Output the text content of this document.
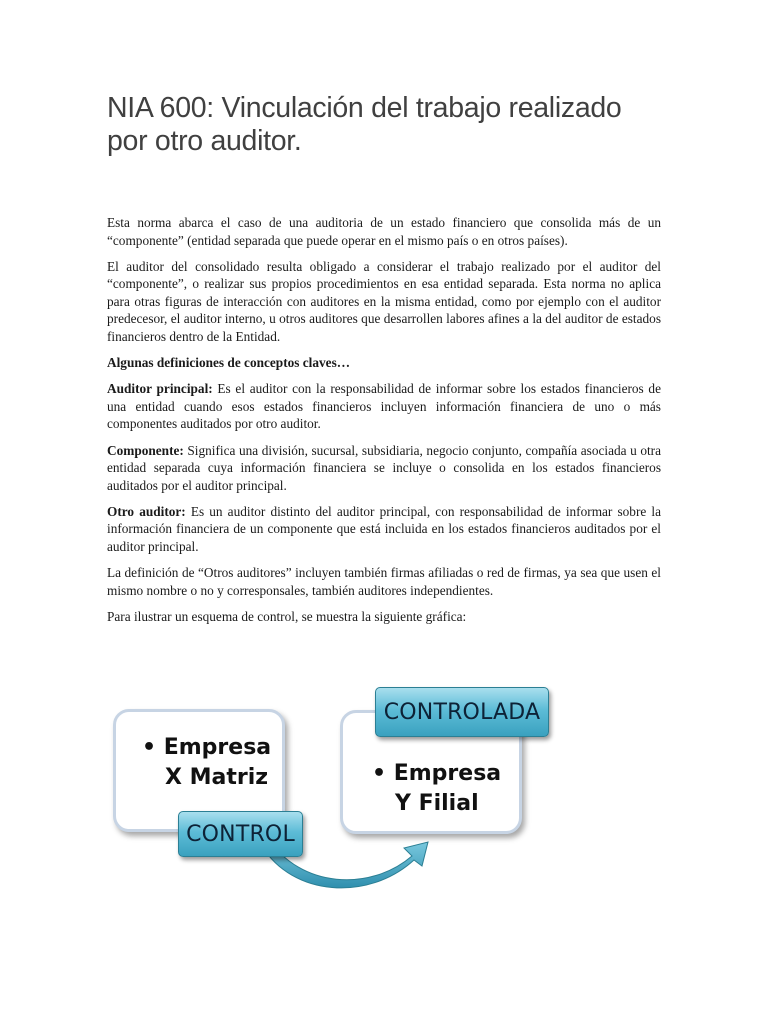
NIA 600: Vinculación del trabajo realizado por otro auditor.

Esta norma abarca el caso de una auditoria de un estado financiero que consolida más de un “componente” (entidad separada que puede operar en el mismo país o en otros países).

El auditor del consolidado resulta obligado a considerar el trabajo realizado por el auditor del “componente”, o realizar sus propios procedimientos en esa entidad separada. Esta norma no aplica para otras figuras de interacción con auditores en la misma entidad, como por ejemplo con el auditor predecesor, el auditor interno, u otros auditores que desarrollen labores afines a la del auditor de estados financieros dentro de la Entidad.

Algunas definiciones de conceptos claves…

Auditor principal: Es el auditor con la responsabilidad de informar sobre los estados financieros de una entidad cuando esos estados financieros incluyen información financiera de uno o más componentes auditados por otro auditor.

Componente: Significa una división, sucursal, subsidiaria, negocio conjunto, compañía asociada u otra entidad separada cuya información financiera se incluye o consolida en los estados financieros auditados por el auditor principal.

Otro auditor: Es un auditor distinto del auditor principal, con responsabilidad de informar sobre la información financiera de un componente que está incluida en los estados financieros auditados por el auditor principal.

La definición de “Otros auditores” incluyen también firmas afiliadas o red de firmas, ya sea que usen el mismo nombre o no y corresponsales, también auditores independientes.

Para ilustrar un esquema de control, se muestra la siguiente gráfica:

• Empresa
X Matriz	• Empresa
Y Filial
CONTROL
CONTROLADA
